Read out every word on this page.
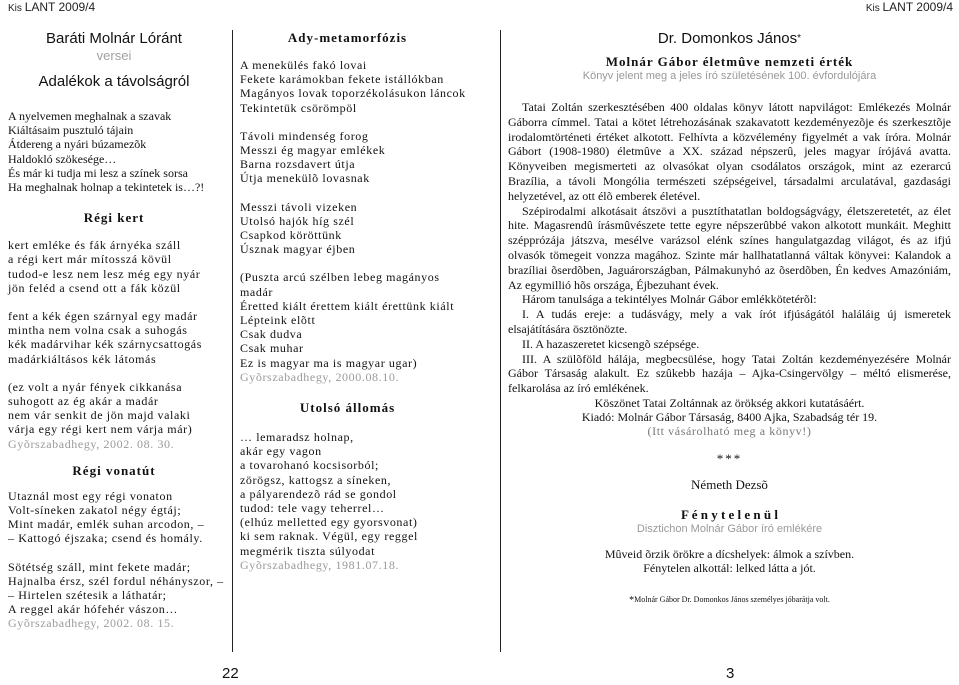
Kis LANT 2009/4	Kis LANT 2009/4
Baráti Molnár Lóránt
versei
Adalékok a távolságról
A nyelvemen meghalnak a szavak
Kiáltásaim pusztuló tájain
Átdereng a nyári búzamezõk
Haldokló szökesége…
És már ki tudja mi lesz a színek sorsa
Ha meghalnak holnap a tekintetek is…?!
Régi kert
kert emléke és fák árnyéka száll
a régi kert már mítosszá kövül
tudod-e lesz nem lesz még egy nyár
jön feléd a csend ott a fák közül
fent a kék égen szárnyal egy madár
mintha nem volna csak a suhogás
kék madárvihar kék szárnycsattogás
madárkiáltásos kék látomás
(ez volt a nyár fények cikkanása
suhogott az ég akár a madár
nem vár senkit de jön majd valaki
várja egy régi kert nem várja már)
Gyõrszabadhegy, 2002. 08. 30.
Régi vonatút
Utaznál most egy régi vonaton
Volt-síneken zakatol négy égtáj;
Mint madár, emlék suhan arcodon, –
– Kattogó éjszaka; csend és homály.
Sötétség száll, mint fekete madár;
Hajnalba érsz, szél fordul néhányszor, –
– Hirtelen szétesik a láthatár;
A reggel akár hófehér vászon…
Gyõrszabadhegy, 2002. 08. 15.
Ady-metamorfózis
A menekülés fakó lovai
Fekete karámokban fekete istállókban
Magányos lovak toporzékolásukon láncok
Tekintetük csörömpöl
Távoli mindenség forog
Messzi ég magyar emlékek
Barna rozsdavert útja
Útja menekülõ lovasnak
Messzi távoli vizeken
Utolsó hajók híg szél
Csapkod köröttünk
Úsznak magyar éjben
(Puszta arcú szélben lebeg magányos
madár
Éretted kiált érettem kiált érettünk kiált
Lépteink elõtt
Csak dudva
Csak muhar
Ez is magyar ma is magyar ugar)
Gyõrszabadhegy, 2000.08.10.
Utolsó állomás
… lemaradsz holnap,
akár egy vagon
a tovarohanó kocsisorból;
zörögsz, kattogsz a síneken,
a pályarendezõ rád se gondol
tudod: tele vagy teherrel…
(elhúz melletted egy gyorsvonat)
ki sem raknak. Végül, egy reggel
megmérik tiszta súlyodat
Gyõrszabadhegy, 1981.07.18.
Dr. Domonkos János*
Molnár Gábor életmûve nemzeti érték
Könyv jelent meg a jeles író születésének 100. évfordulójára

Tatai Zoltán szerkesztésében 400 oldalas könyv látott napvilágot: Emlékezés Molnár Gáborra címmel. Tatai a kötet létrehozásának szakavatott kezdeményezõje és szerkesztõje irodalomtörténeti értéket alkotott. Felhívta a közvélemény figyelmét a vak íróra. Molnár Gábort (1908-1980) életmûve a XX. század népszerû, jeles magyar írójává avatta. Könyveiben megismerteti az olvasókat olyan csodálatos országok, mint az ezerarcú Brazília, a távoli Mongólia természeti szépségeivel, társadalmi arculatával, gazdasági helyzetével, az ott élõ emberek életével.

Szépirodalmi alkotásait átszövi a pusztíthatatlan boldogságvágy, életszeretetét, az élet hite. Magasrendû írásmûvészete tette egyre népszerûbbé vakon alkotott munkáit. Meghitt szépprózája játszva, mesélve varázsol elénk színes hangulatgazdag világot, és az ifjú olvasók tömegeit vonzza magához. Szinte már hallhatatlanná váltak könyvei: Kalandok a brazíliai õserdõben, Jaguárországban, Pálmakunyhó az õserdõben, Én kedves Amazóniám, Az egymillió hõs országa, Éjbezuhant évek.

Három tanulsága a tekintélyes Molnár Gábor emlékkötetérõl:

I. A tudás ereje: a tudásvágy, mely a vak írót ifjúságától haláláig új ismeretek elsajátítására ösztönözte.

II. A hazaszeretet kicsengõ szépsége.

III. A szülõföld hálája, megbecsülése, hogy Tatai Zoltán kezdeményezésére Molnár Gábor Társaság alakult. Ez szûkebb hazája – Ajka-Csingervölgy – méltó elismerése, felkarolása az író emlékének.

Köszönet Tatai Zoltánnak az örökség akkori kutatásáért.
Kiadó: Molnár Gábor Társaság, 8400 Ajka, Szabadság tér 19.
(Itt vásárolható meg a könyv!)
***
Németh Dezsõ
F é n y t e l e n ü l
Disztichon Molnár Gábor író emlékére
Mûveid õrzik örökre a dícshelyek: álmok a szívben.
Fénytelen alkottál: lelked látta a jót.
*Molnár Gábor Dr. Domonkos János személyes jóbarátja volt.
22	3
